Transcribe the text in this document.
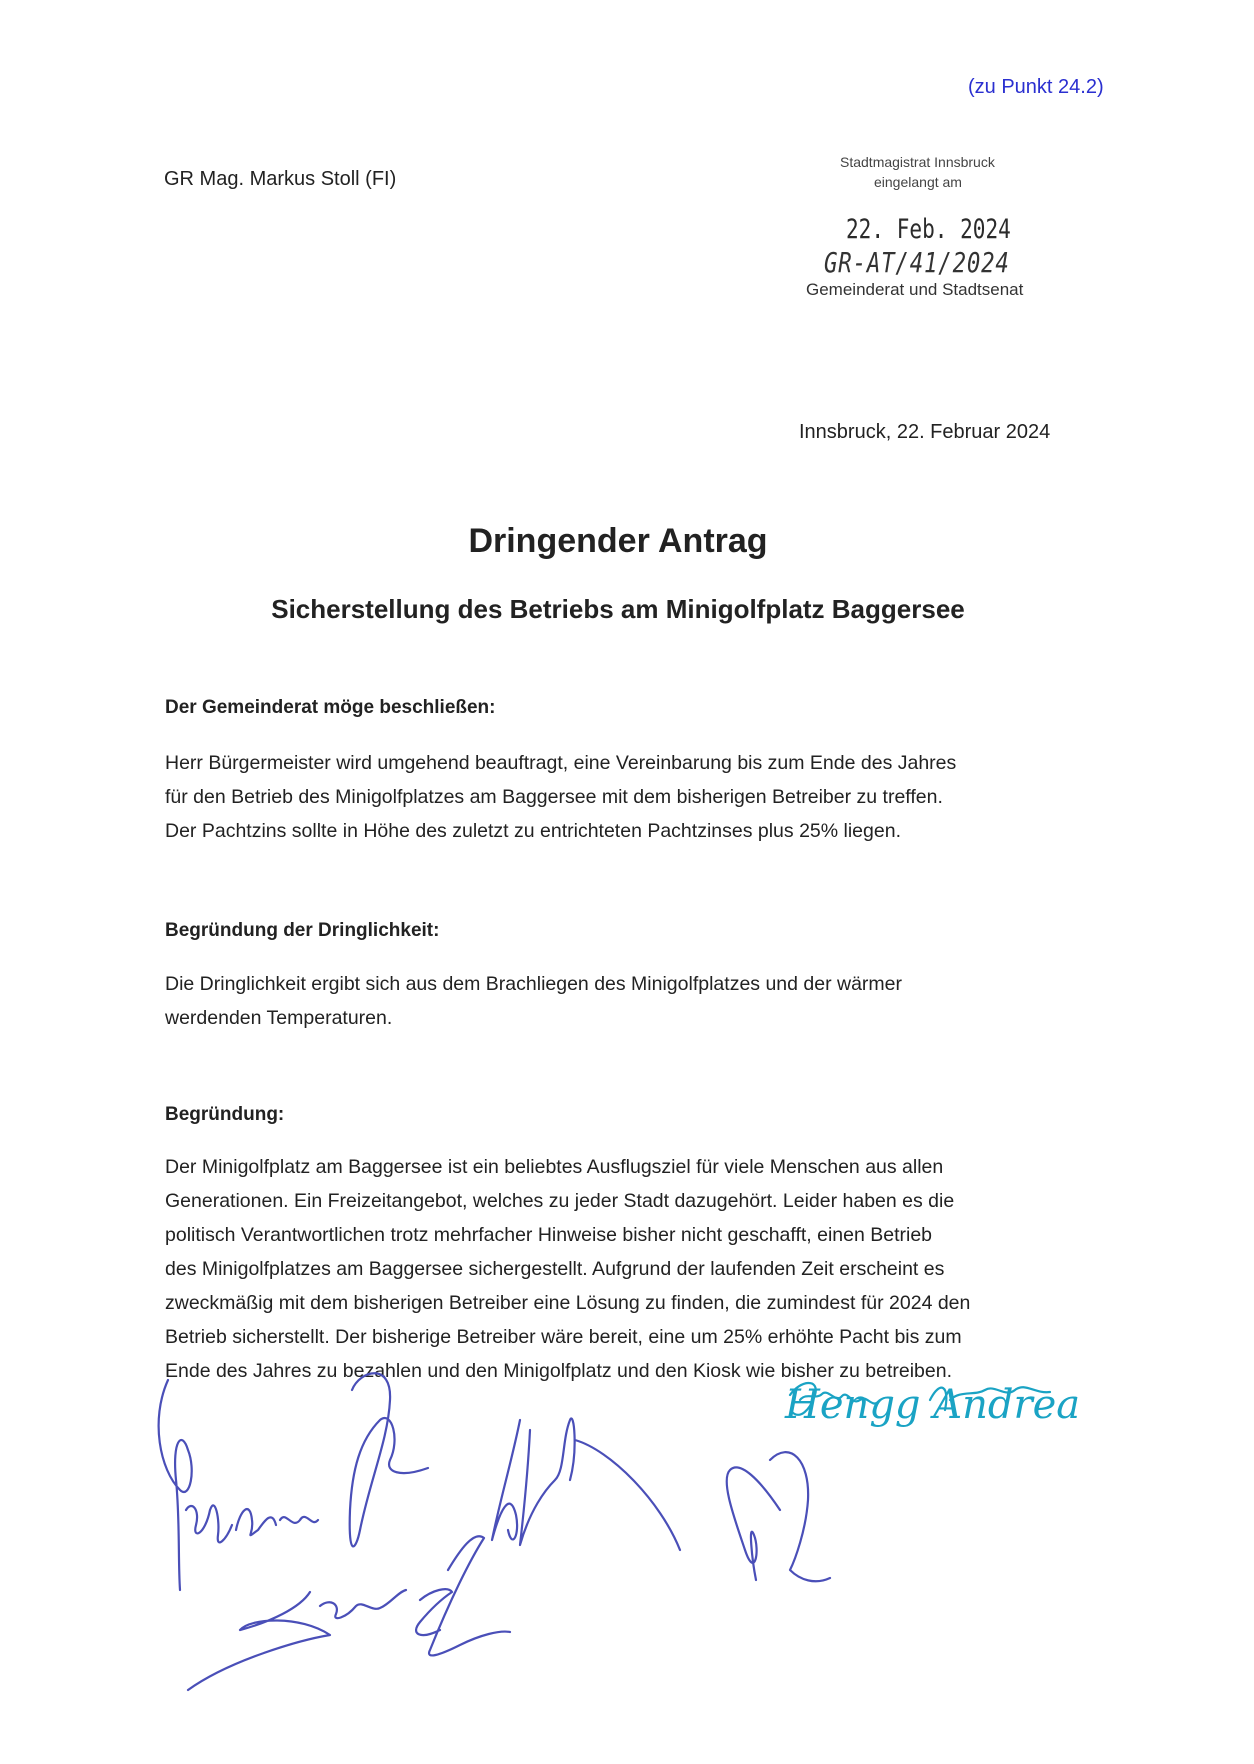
(zu Punkt 24.2)
GR Mag. Markus Stoll (FI)
Stadtmagistrat Innsbruck
eingelangt am
22. Feb. 2024
GR-AT/41/2024
Gemeinderat und Stadtsenat
Innsbruck, 22. Februar 2024
Dringender Antrag
Sicherstellung des Betriebs am Minigolfplatz Baggersee
Der Gemeinderat möge beschließen:
Herr Bürgermeister wird umgehend beauftragt, eine Vereinbarung bis zum Ende des Jahres
für den Betrieb des Minigolfplatzes am Baggersee mit dem bisherigen Betreiber zu treffen.
Der Pachtzins sollte in Höhe des zuletzt zu entrichteten Pachtzinses plus 25% liegen.
Begründung der Dringlichkeit:
Die Dringlichkeit ergibt sich aus dem Brachliegen des Minigolfplatzes und der wärmer
werdenden Temperaturen.
Begründung:
Der Minigolfplatz am Baggersee ist ein beliebtes Ausflugsziel für viele Menschen aus allen
Generationen. Ein Freizeitangebot, welches zu jeder Stadt dazugehört. Leider haben es die
politisch Verantwortlichen trotz mehrfacher Hinweise bisher nicht geschafft, einen Betrieb
des Minigolfplatzes am Baggersee sichergestellt. Aufgrund der laufenden Zeit erscheint es
zweckmäßig mit dem bisherigen Betreiber eine Lösung zu finden, die zumindest für 2024 den
Betrieb sicherstellt. Der bisherige Betreiber wäre bereit, eine um 25% erhöhte Pacht bis zum
Ende des Jahres zu bezahlen und den Minigolfplatz und den Kiosk wie bisher zu betreiben.
Hengg Andrea
